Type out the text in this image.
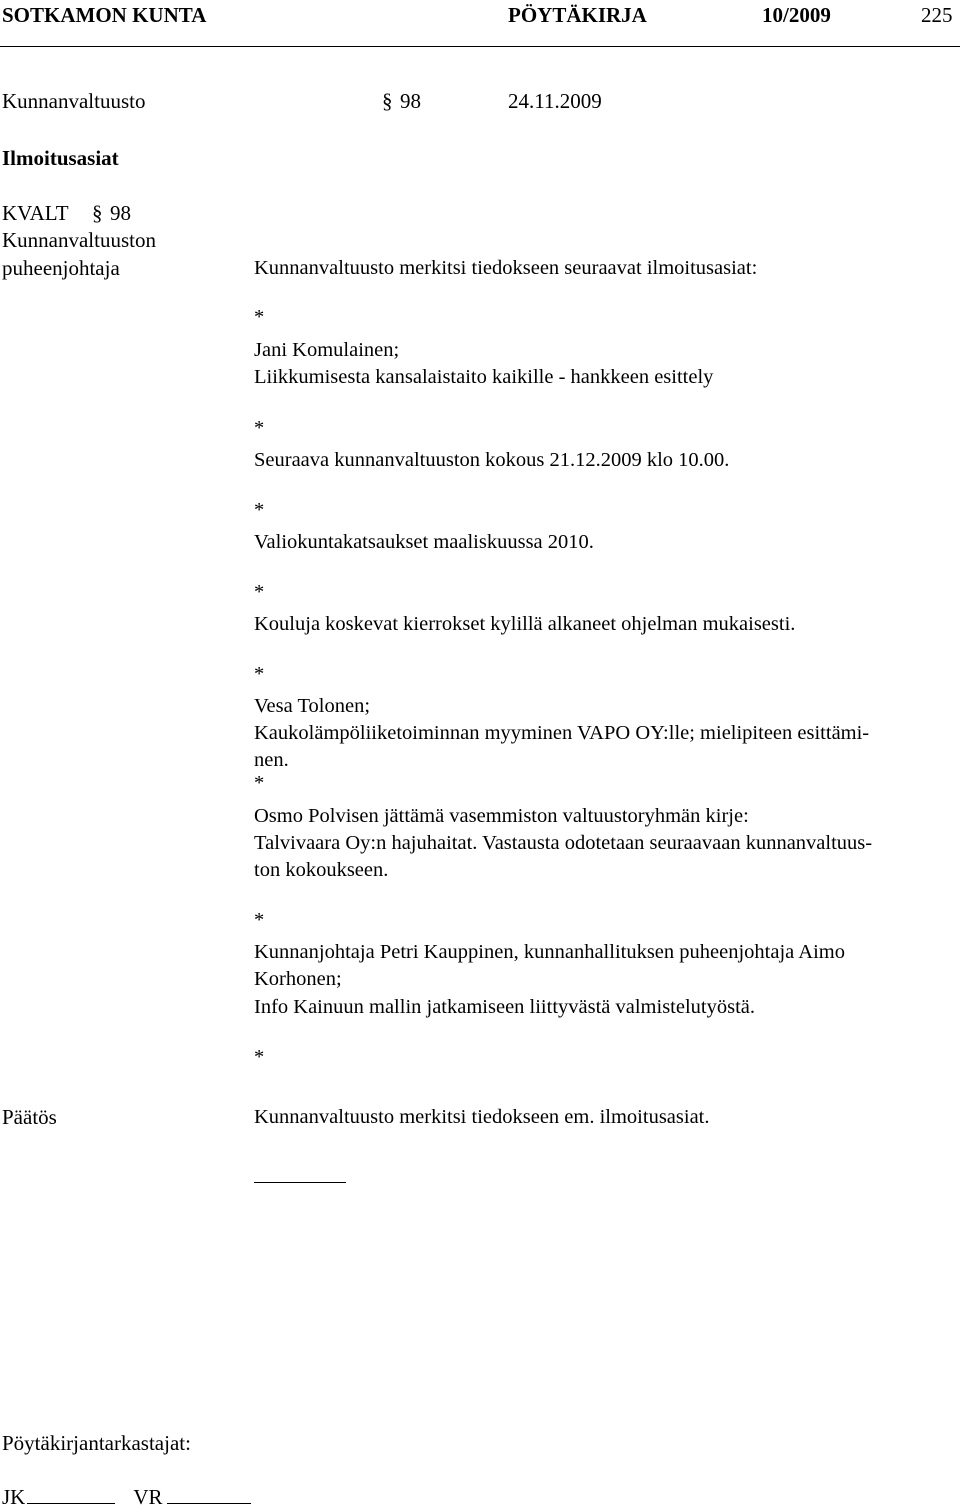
SOTKAMON KUNTA	PÖYTÄKIRJA	10/2009	225
Kunnanvaltuusto	§ 98	24.11.2009
Ilmoitusasiat
KVALT § 98
Kunnanvaltuuston
puheenjohtaja	Kunnanvaltuusto merkitsi tiedokseen seuraavat ilmoitusasiat:
*
Jani Komulainen;
Liikkumisesta kansalaistaito kaikille - hankkeen esittely
*
Seuraava kunnanvaltuuston kokous 21.12.2009 klo 10.00.
*
Valiokuntakatsaukset maaliskuussa 2010.
*
Kouluja koskevat kierrokset kylillä alkaneet ohjelman mukaisesti.
*
Vesa Tolonen;
Kaukolämpöliiketoiminnan myyminen VAPO OY:lle; mielipiteen esittämi-
nen.
*
Osmo Polvisen jättämä vasemmiston valtuustoryhmän kirje:
Talvivaara Oy:n hajuhaitat. Vastausta odotetaan seuraavaan kunnanvaltuus-
ton kokoukseen.
*
Kunnanjohtaja Petri Kauppinen, kunnanhallituksen puheenjohtaja Aimo
Korhonen;
Info Kainuun mallin jatkamiseen liittyvästä valmistelutyöstä.
*
Päätös	Kunnanvaltuusto merkitsi tiedokseen em. ilmoitusasiat.
Pöytäkirjantarkastajat:
JK	VR
